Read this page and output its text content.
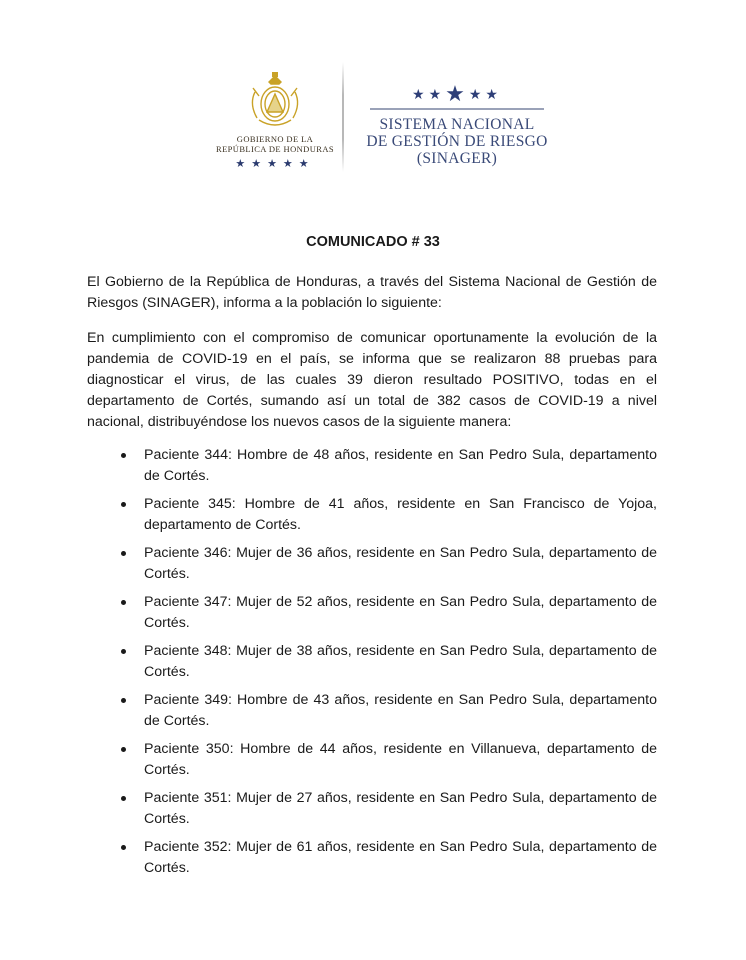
GOBIERNO DE LA
REPÚBLICA DE HONDURAS
★★★★★
★★★★★
SISTEMA NACIONAL
DE GESTIÓN DE RIESGO
(SINAGER)
COMUNICADO # 33

El Gobierno de la República de Honduras, a través del Sistema Nacional de Gestión de Riesgos (SINAGER), informa a la población lo siguiente:

En cumplimiento con el compromiso de comunicar oportunamente la evolución de la pandemia de COVID-19 en el país, se informa que se realizaron 88 pruebas para diagnosticar el virus, de las cuales 39 dieron resultado POSITIVO, todas en el departamento de Cortés, sumando así un total de 382 casos de COVID-19 a nivel nacional, distribuyéndose los nuevos casos de la siguiente manera:

Paciente 344: Hombre de 48 años, residente en San Pedro Sula, departamento de Cortés.
Paciente 345: Hombre de 41 años, residente en San Francisco de Yojoa, departamento de Cortés.
Paciente 346: Mujer de 36 años, residente en San Pedro Sula, departamento de Cortés.
Paciente 347: Mujer de 52 años, residente en San Pedro Sula, departamento de Cortés.
Paciente 348: Mujer de 38 años, residente en San Pedro Sula, departamento de Cortés.
Paciente 349: Hombre de 43 años, residente en San Pedro Sula, departamento de Cortés.
Paciente 350: Hombre de 44 años, residente en Villanueva, departamento de Cortés.
Paciente 351: Mujer de 27 años, residente en San Pedro Sula, departamento de Cortés.
Paciente 352: Mujer de 61 años, residente en San Pedro Sula, departamento de Cortés.
